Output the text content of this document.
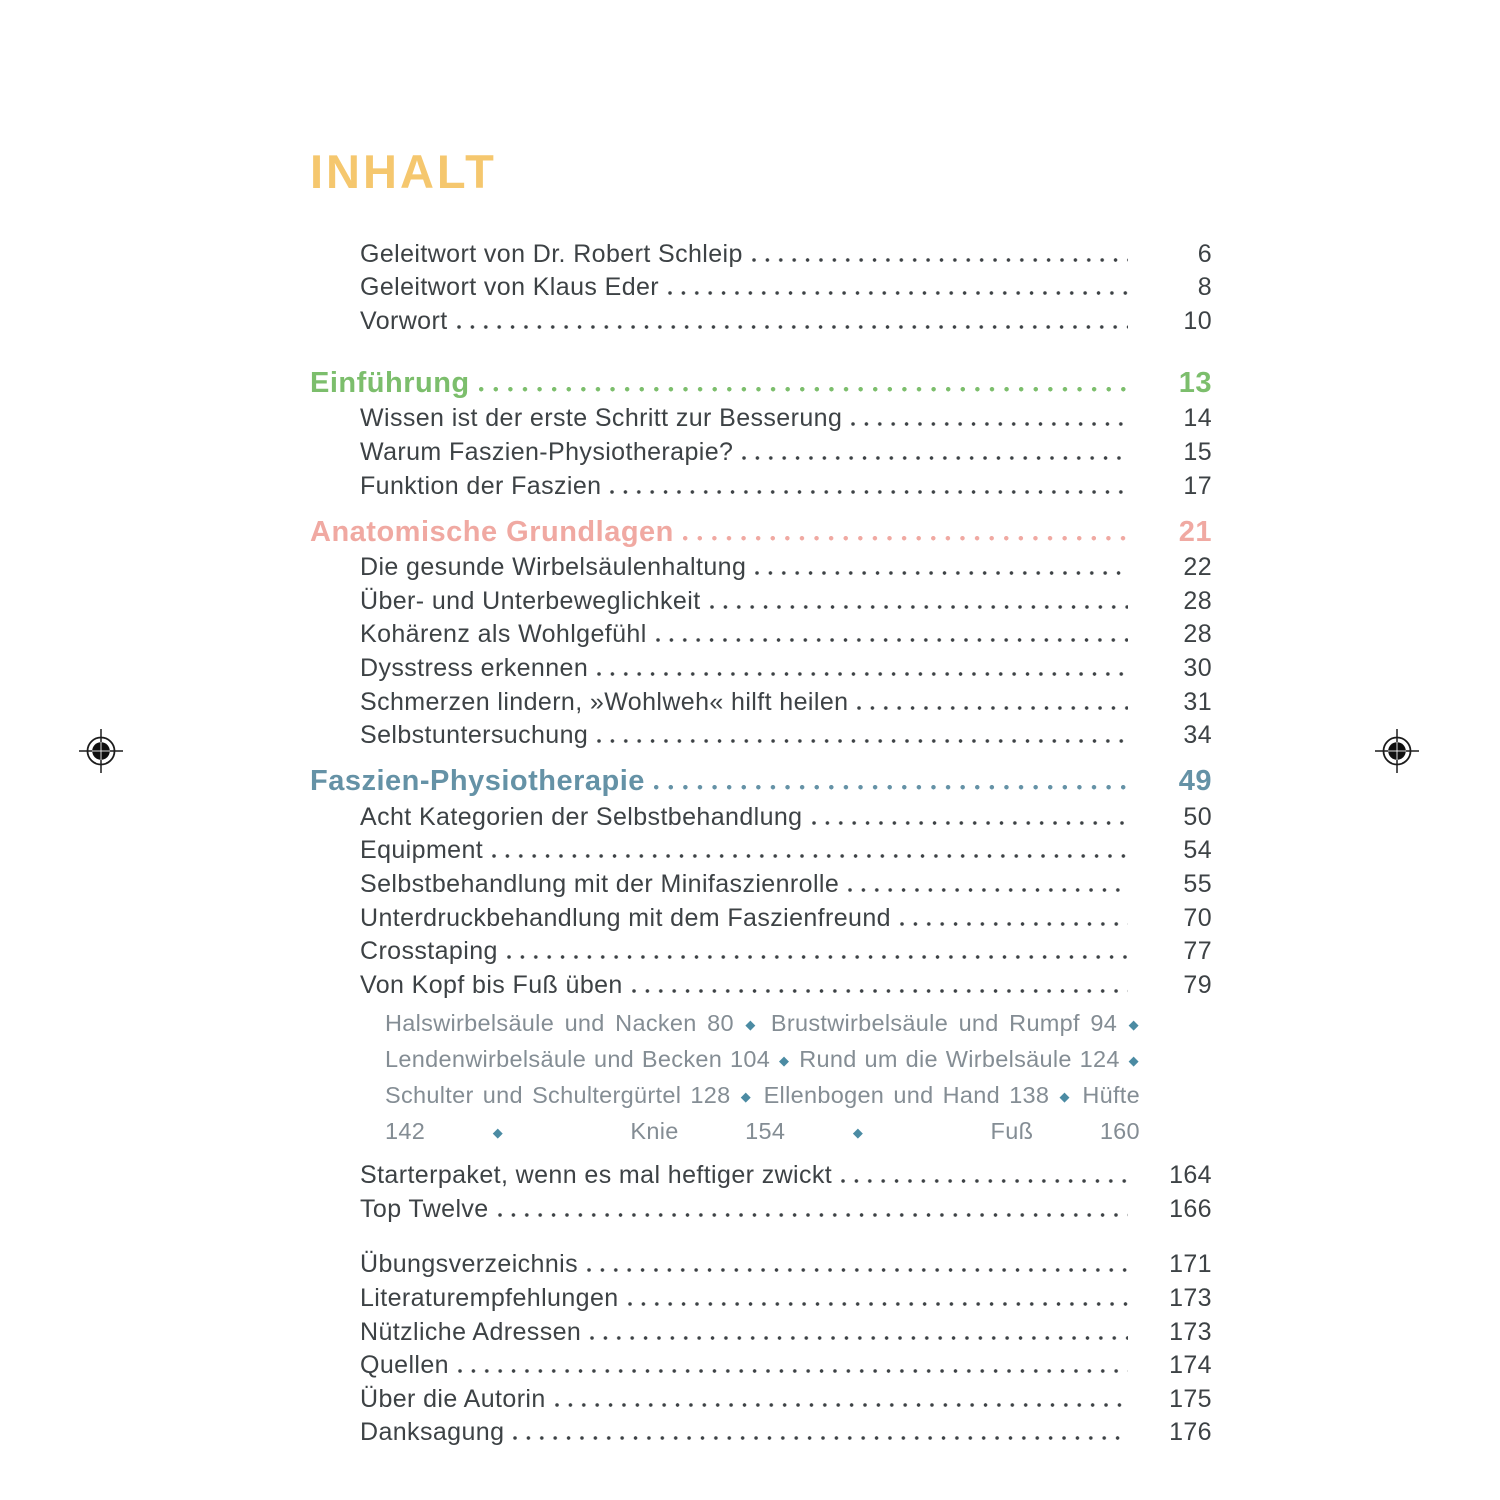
INHALT
Geleitwort von Dr. Robert Schleip	6
Geleitwort von Klaus Eder	8
Vorwort	10
Einführung	13
Wissen ist der erste Schritt zur Besserung	14
Warum Faszien-Physiotherapie?	15
Funktion der Faszien	17
Anatomische Grundlagen	21
Die gesunde Wirbelsäulenhaltung	22
Über- und Unterbeweglichkeit	28
Kohärenz als Wohlgefühl	28
Dysstress erkennen	30
Schmerzen lindern, »Wohlweh« hilft heilen	31
Selbstuntersuchung	34
Faszien-Physiotherapie	49
Acht Kategorien der Selbstbehandlung	50
Equipment	54
Selbstbehandlung mit der Minifaszienrolle	55
Unterdruckbehandlung mit dem Faszienfreund	70
Crosstaping	77
Von Kopf bis Fuß üben	79

Halswirbelsäule und Nacken 80 ◆ Brustwirbelsäule und Rumpf 94 ◆ Lendenwirbelsäule und Becken 104 ◆ Rund um die Wirbelsäule 124 ◆ Schulter und Schultergürtel 128 ◆ Ellenbogen und Hand 138 ◆ Hüfte 142	◆	Knie 154	◆	Fuß 160

Starterpaket, wenn es mal heftiger zwickt	164
Top Twelve	166
Übungsverzeichnis	171
Literaturempfehlungen	173
Nützliche Adressen	173
Quellen	174
Über die Autorin	175
Danksagung	176
